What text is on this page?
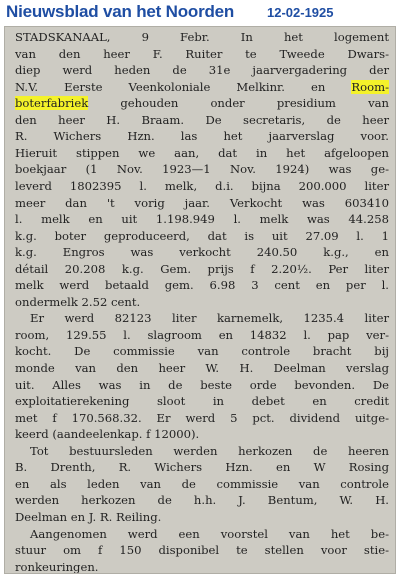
Nieuwsblad van het Noorden	12-02-1925
STADSKANAAL, 9 Febr. In het logement
van den heer F. Ruiter te Tweede Dwars-
diep werd heden de 31e jaarvergadering der
N.V. Eerste Veenkoloniale Melkinr. en Room-
boterfabriek gehouden onder presidium van
den heer H. Braam. De secretaris, de heer
R. Wichers Hzn. las het jaarverslag voor.
Hieruit stippen we aan, dat in het afgeloopen
boekjaar (1 Nov. 1923—1 Nov. 1924) was ge-
leverd 1802395 l. melk, d.i. bijna 200.000 liter
meer dan 't vorig jaar. Verkocht was 603410
l. melk en uit 1.198.949 l. melk was 44.258
k.g. boter geproduceerd, dat is uit 27.09 l. 1
k.g. Engros was verkocht 240.50 k.g., en
détail 20.208 k.g. Gem. prijs f 2.20½. Per liter
melk werd betaald gem. 6.98 3 cent en per l.
ondermelk 2.52 cent.
Er werd 82123 liter karnemelk, 1235.4 liter
room, 129.55 l. slagroom en 14832 l. pap ver-
kocht. De commissie van controle bracht bij
monde van den heer W. H. Deelman verslag
uit. Alles was in de beste orde bevonden. De
exploitatierekening sloot in debet en credit
met f 170.568.32. Er werd 5 pct. dividend uitge-
keerd (aandeelenkap. f 12000).
Tot bestuursleden werden herkozen de heeren
B. Drenth, R. Wichers Hzn. en W Rosing
en als leden van de commissie van controle
werden herkozen de h.h. J. Bentum, W. H.
Deelman en J. R. Reiling.
Aangenomen werd een voorstel van het be-
stuur om f 150 disponibel te stellen voor stie-
ronkeuringen.
